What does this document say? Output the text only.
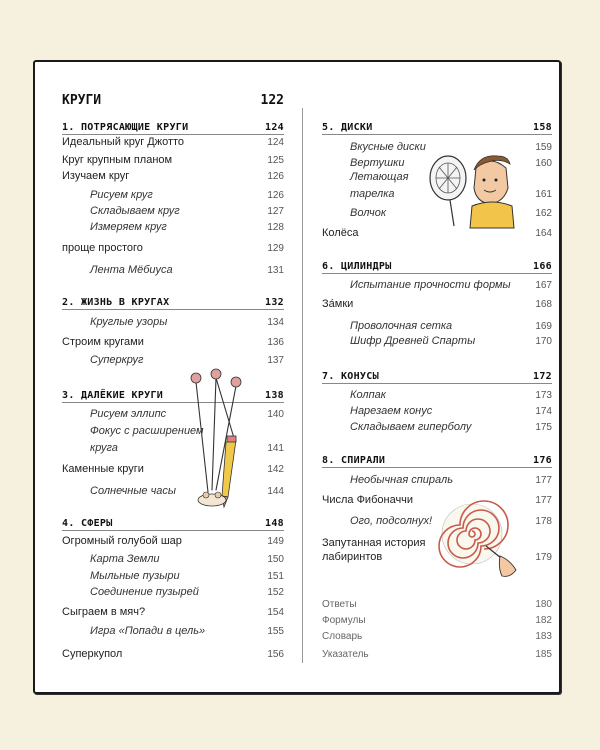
КРУГИ	122
1. ПОТРЯСАЮЩИЕ КРУГИ	124
Идеальный круг Джотто	124
Круг крупным планом	125
Изучаем круг	126
Рисуем круг	126
Складываем круг	127
Измеряем круг	128
проще простого	129
Лента Мёбиуса	131
2. ЖИЗНЬ В КРУГАХ	132
Круглые узоры	134
Строим кругами	136
Суперкруг	137
3. ДАЛЁКИЕ КРУГИ	138
Рисуем эллипс	140
Фокус с расширением
круга	141
Каменные круги	142
Солнечные часы	144
4. СФЕРЫ	148
Огромный голубой шар	149
Карта Земли	150
Мыльные пузыри	151
Соединение пузырей	152
Сыграем в мяч?	154
Игра «Попади в цель»	155
Суперкупол	156
5. ДИСКИ	158
Вкусные диски	159
Вертушки	160
Летающая
тарелка	161
Волчок	162
Колёса	164
6. ЦИЛИНДРЫ	166
Испытание прочности формы 167
За́мки	168
Проволочная сетка	169
Шифр Древней Спарты	170
7. КОНУСЫ	172
Колпак	173
Нарезаем конус	174
Складываем гиперболу	175
8. СПИРАЛИ	176
Необычная спираль	177
Числа Фибоначчи	177
Ого, подсолнух!	178
Запутанная история
лабиринтов	179
Ответы	180
Формулы	182
Словарь	183
Указатель	185
